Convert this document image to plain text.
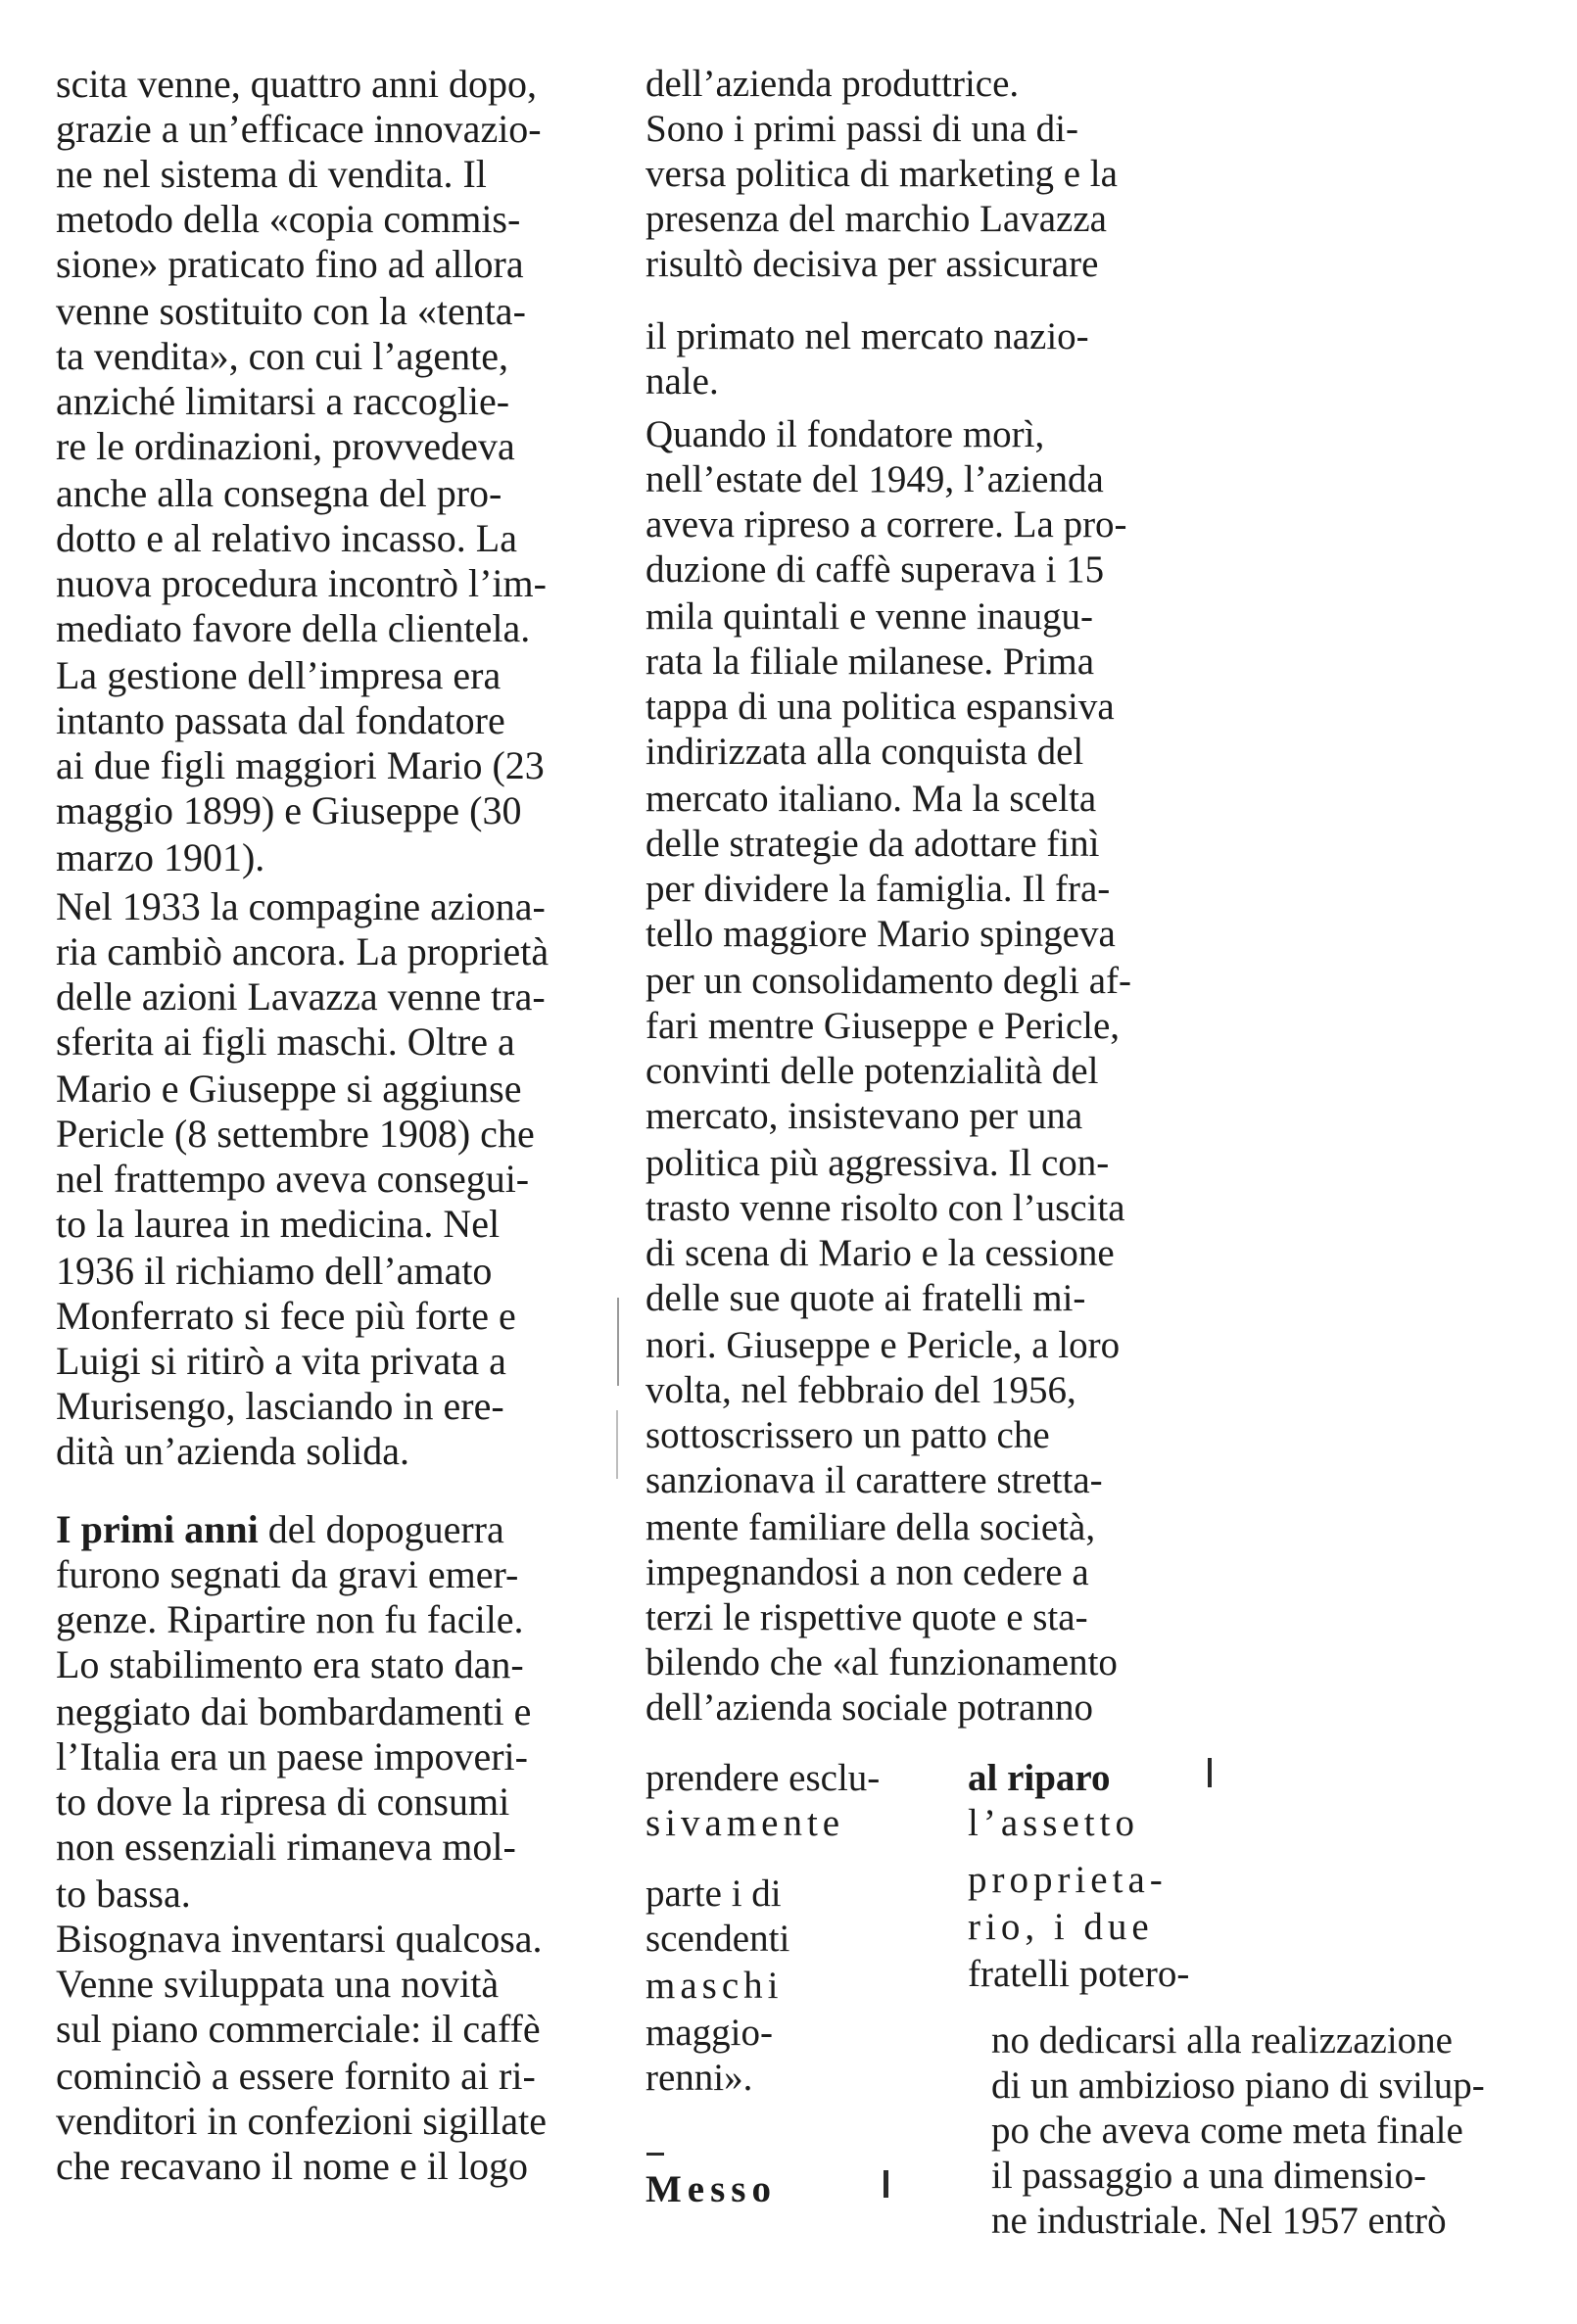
scita venne, quattro anni dopo,
grazie a un’efficace innovazio-
ne nel sistema di vendita. Il
metodo della «copia commis-
sione» praticato fino ad allora
venne sostituito con la «tenta-
ta vendita», con cui l’agente,
anziché limitarsi a raccoglie-
re le ordinazioni, provvedeva
anche alla consegna del pro-
dotto e al relativo incasso. La
nuova procedura incontrò l’im-
mediato favore della clientela.
La gestione dell’impresa era
intanto passata dal fondatore
ai due figli maggiori Mario (23
maggio 1899) e Giuseppe (30
marzo 1901).
Nel 1933 la compagine aziona-
ria cambiò ancora. La proprietà
delle azioni Lavazza venne tra-
sferita ai figli maschi. Oltre a
Mario e Giuseppe si aggiunse
Pericle (8 settembre 1908) che
nel frattempo aveva consegui-
to la laurea in medicina. Nel
1936 il richiamo dell’amato
Monferrato si fece più forte e
Luigi si ritirò a vita privata a
Murisengo, lasciando in ere-
dità un’azienda solida.
I primi anni del dopoguerra
furono segnati da gravi emer-
genze. Ripartire non fu facile.
Lo stabilimento era stato dan-
neggiato dai bombardamenti e
l’Italia era un paese impoveri-
to dove la ripresa di consumi
non essenziali rimaneva mol-
to bassa.
Bisognava inventarsi qualcosa.
Venne sviluppata una novità
sul piano commerciale: il caffè
cominciò a essere fornito ai ri-
venditori in confezioni sigillate
che recavano il nome e il logo
dell’azienda produttrice.
Sono i primi passi di una di-
versa politica di marketing e la
presenza del marchio Lavazza
risultò decisiva per assicurare
il primato nel mercato nazio-
nale.
Quando il fondatore morì,
nell’estate del 1949, l’azienda
aveva ripreso a correre. La pro-
duzione di caffè superava i 15
mila quintali e venne inaugu-
rata la filiale milanese. Prima
tappa di una politica espansiva
indirizzata alla conquista del
mercato italiano. Ma la scelta
delle strategie da adottare finì
per dividere la famiglia. Il fra-
tello maggiore Mario spingeva
per un consolidamento degli af-
fari mentre Giuseppe e Pericle,
convinti delle potenzialità del
mercato, insistevano per una
politica più aggressiva. Il con-
trasto venne risolto con l’uscita
di scena di Mario e la cessione
delle sue quote ai fratelli mi-
nori. Giuseppe e Pericle, a loro
volta, nel febbraio del 1956,
sottoscrissero un patto che
sanzionava il carattere stretta-
mente familiare della società,
impegnandosi a non cedere a
terzi le rispettive quote e sta-
bilendo che «al funzionamento
dell’azienda sociale potranno
prendere esclu-
sivamente
parte i di
scendenti
maschi
maggio-
renni».
Messo
al riparo
l’assetto
proprieta-
rio, i due
fratelli potero-
no dedicarsi alla realizzazione
di un ambizioso piano di svilup-
po che aveva come meta finale
il passaggio a una dimensio-
ne industriale. Nel 1957 entrò
